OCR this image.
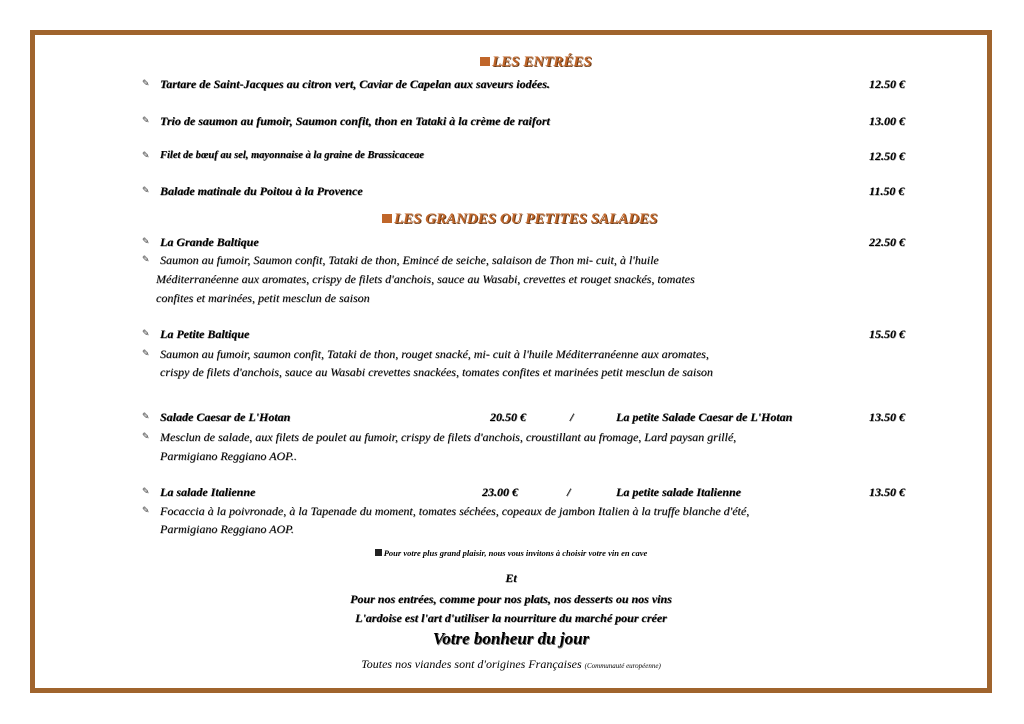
LES ENTRÉES
✎ Tartare de Saint-Jacques au citron vert, Caviar de Capelan aux saveurs iodées.	12.50 €
✎ Trio de saumon au fumoir, Saumon confit, thon en Tataki à la crème de raifort	13.00 €
✎ Filet de bœuf au sel, mayonnaise à la graine de Brassicaceae	12.50 €
✎ Balade matinale du Poitou à la Provence	11.50 €
LES GRANDES OU PETITES SALADES
✎ La Grande Baltique	22.50 €
✎ Saumon au fumoir, Saumon confit, Tataki de thon, Emincé de seiche, salaison de Thon mi- cuit, à l'huile
Méditerranéenne aux aromates, crispy de filets d'anchois, sauce au Wasabi, crevettes et rouget snackés, tomates
confites et marinées, petit mesclun de saison
✎ La Petite Baltique	15.50 €
✎ Saumon au fumoir, saumon confit, Tataki de thon, rouget snacké, mi- cuit à l'huile Méditerranéenne aux aromates,
crispy de filets d'anchois, sauce au Wasabi crevettes snackées, tomates confites et marinées petit mesclun de saison
✎ Salade Caesar de L'Hotan	20.50 €	/	La petite Salade Caesar de L'Hotan	13.50 €
✎ Mesclun de salade, aux filets de poulet au fumoir, crispy de filets d'anchois, croustillant au fromage, Lard paysan grillé,
Parmigiano Reggiano AOP..
✎ La salade Italienne	23.00 €	/	La petite salade Italienne	13.50 €
✎ Focaccia à la poivronade, à la Tapenade du moment, tomates séchées, copeaux de jambon Italien à la truffe blanche d'été,
Parmigiano Reggiano AOP.
Pour votre plus grand plaisir, nous vous invitons à choisir votre vin en cave
Et
Pour nos entrées, comme pour nos plats, nos desserts ou nos vins
L'ardoise est l'art d'utiliser la nourriture du marché pour créer
Votre bonheur du jour
Toutes nos viandes sont d'origines Françaises (Communauté européenne)
